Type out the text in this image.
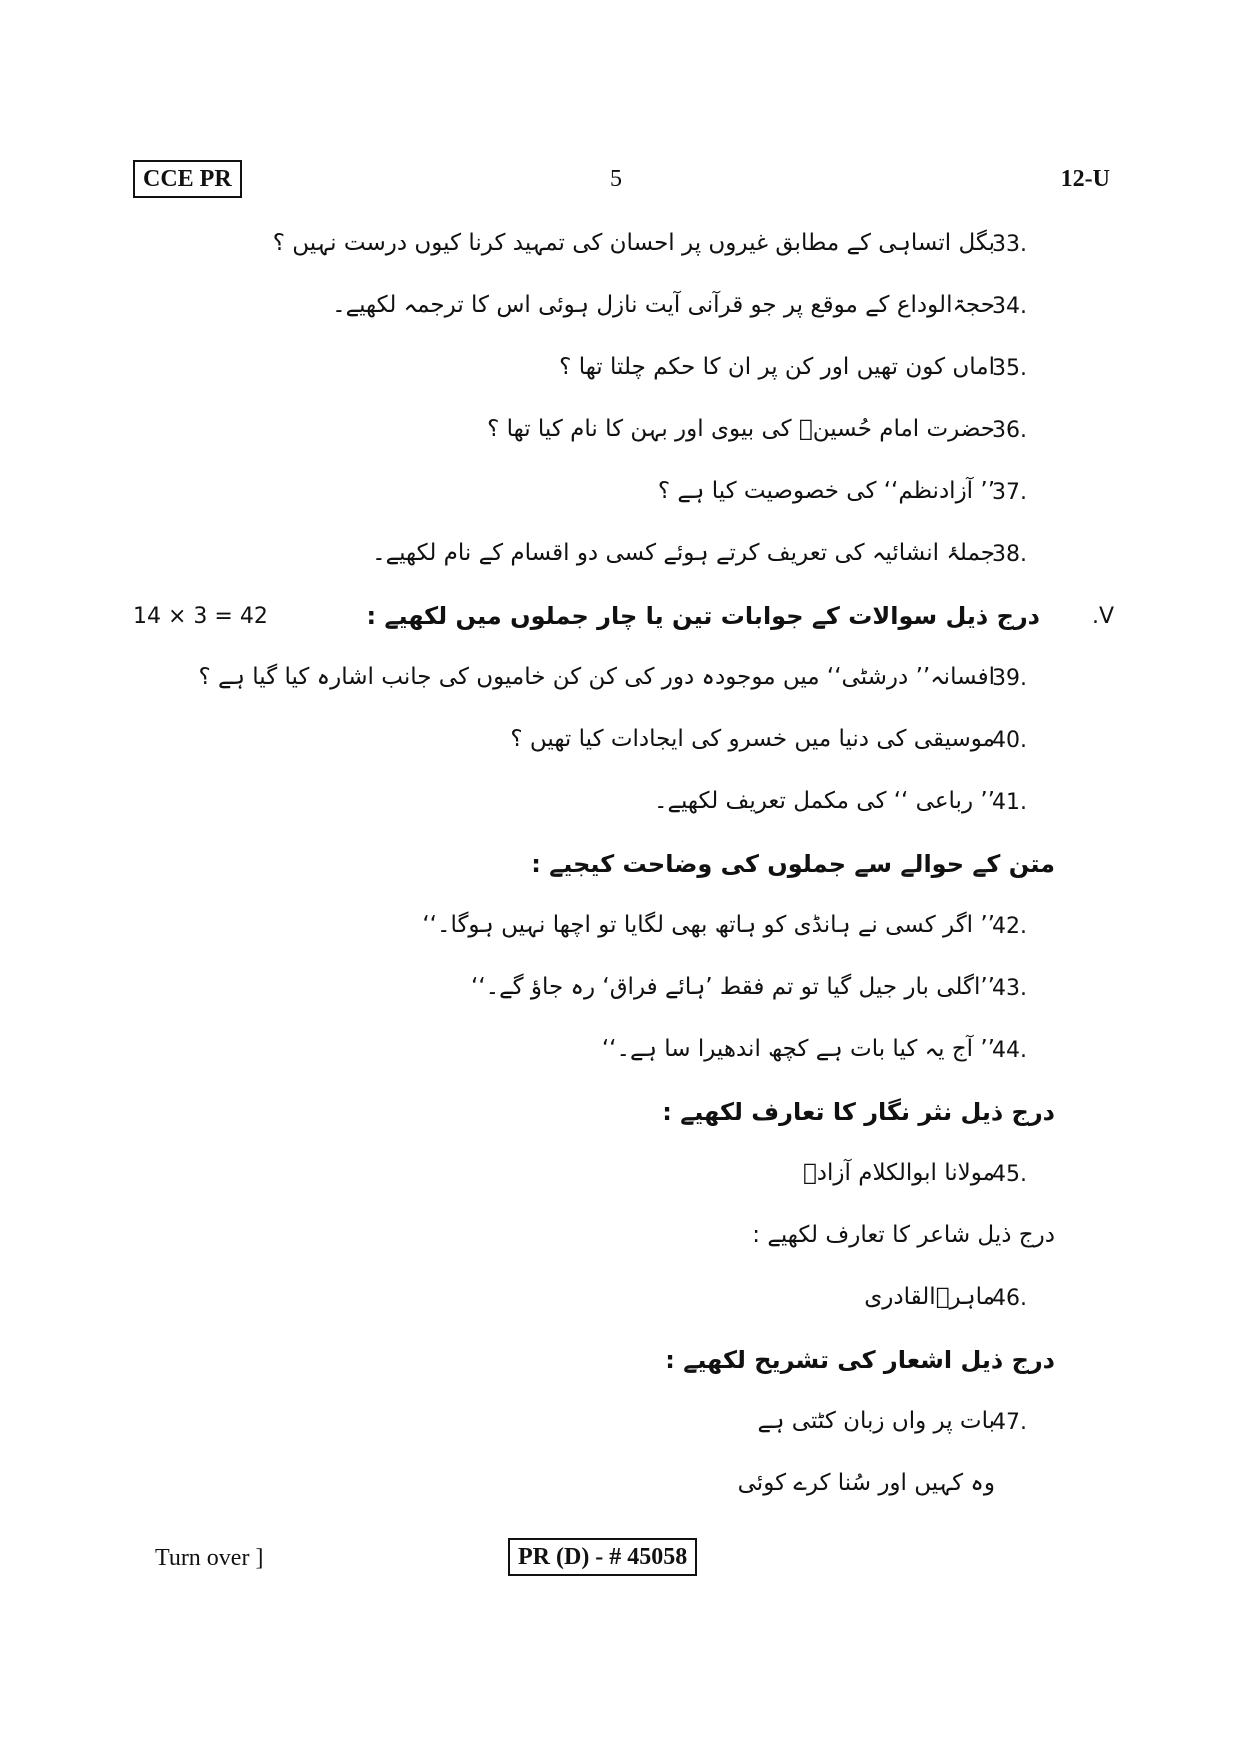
CCE PR	5	12-U
بگل اتساہی کے مطابق غیروں پر احسان کی تمہید کرنا کیوں درست نہیں ؟
33.
حجۃالوداع کے موقع پر جو قرآنی آیت نازل ہوئی اس کا ترجمہ لکھیے۔
34.
اماں کون تھیں اور کن پر ان کا حکم چلتا تھا ؟
35.
حضرت امام حُسینؓ کی بیوی اور بہن کا نام کیا تھا ؟
36.
’’ آزادنظم‘‘ کی خصوصیت کیا ہے ؟
37.
جملۂ انشائیہ کی تعریف کرتے ہوئے کسی دو اقسام کے نام لکھیے۔
38.
14 × 3 = 42	درج ذیل سوالات کے جوابات تین یا چار جملوں میں لکھیے : .V
افسانہ’’ درشٹی‘‘ میں موجودہ دور کی کن کن خامیوں کی جانب اشارہ کیا گیا ہے ؟
39.
موسیقی کی دنیا میں خسرو کی ایجادات کیا تھیں ؟
40.
’’ رباعی ‘‘ کی مکمل تعریف لکھیے۔
41.
متن کے حوالے سے جملوں کی وضاحت کیجیے :
’’ اگر کسی نے ہانڈی کو ہاتھ بھی لگایا تو اچھا نہیں ہوگا۔‘‘
42.
’’اگلی بار جیل گیا تو تم فقط ’ہائے فراق‘ رہ جاؤ گے۔‘‘
43.
’’ آج یہ کیا بات ہے کچھ اندھیرا سا ہے۔‘‘
44.
درج ذیل نثر نگار کا تعارف لکھیے :
مولانا ابوالکلام آزادؔ
45.
درج ذیل شاعر کا تعارف لکھیے :
ماہرؔالقادری
46.
درج ذیل اشعار کی تشریح لکھیے :
بات پر واں زبان کٹتی ہے
47.
وہ کہیں اور سُنا کرے کوئی
Turn over ]	PR (D) - # 45058
